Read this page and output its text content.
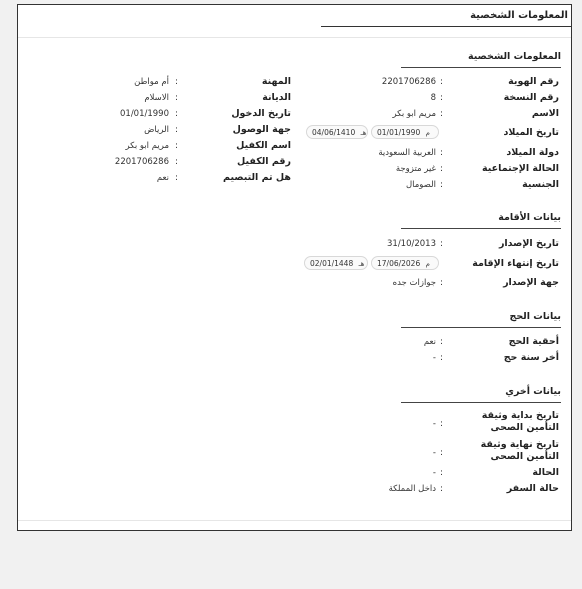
المعلومات الشخصية
المعلومات الشخصية
رقم الهوية
رقم النسخة
الاسم
تاريخ الميلاد
دولة الميلاد
الحالة الإجتماعية
الجنسية
:
:
:
:
:
:
2201706286
8
مريم ابو بكر
01/01/1990 م
04/06/1410 هـ
العربية السعودية
غير متزوجة
الصومال
المهنة
الديانة
تاريخ الدخول
جهة الوصول
اسم الكفيل
رقم الكفيل
هل تم التبصيم
:
:
:
:
:
:
:
أم مواطن
الاسلام
01/01/1990
الرياض
مريم ابو بكر
2201706286
نعم
بيانات الأقامة
تاريخ الإصدار
تاريخ إنتهاء الإقامة
جهة الإصدار
:
:
31/10/2013
17/06/2026 م
02/01/1448 هـ
جوازات جده
بيانات الحج
أحقية الحج
أخر سنة حج
:
:
نعم
-
بيانات أخري
تاريخ بداية وثيقة التأمين الصحى
تاريخ نهاية وثيقة التأمين الصحى
الحالة
حالة السفر
:
:
:
:
-
-
-
داخل المملكة
